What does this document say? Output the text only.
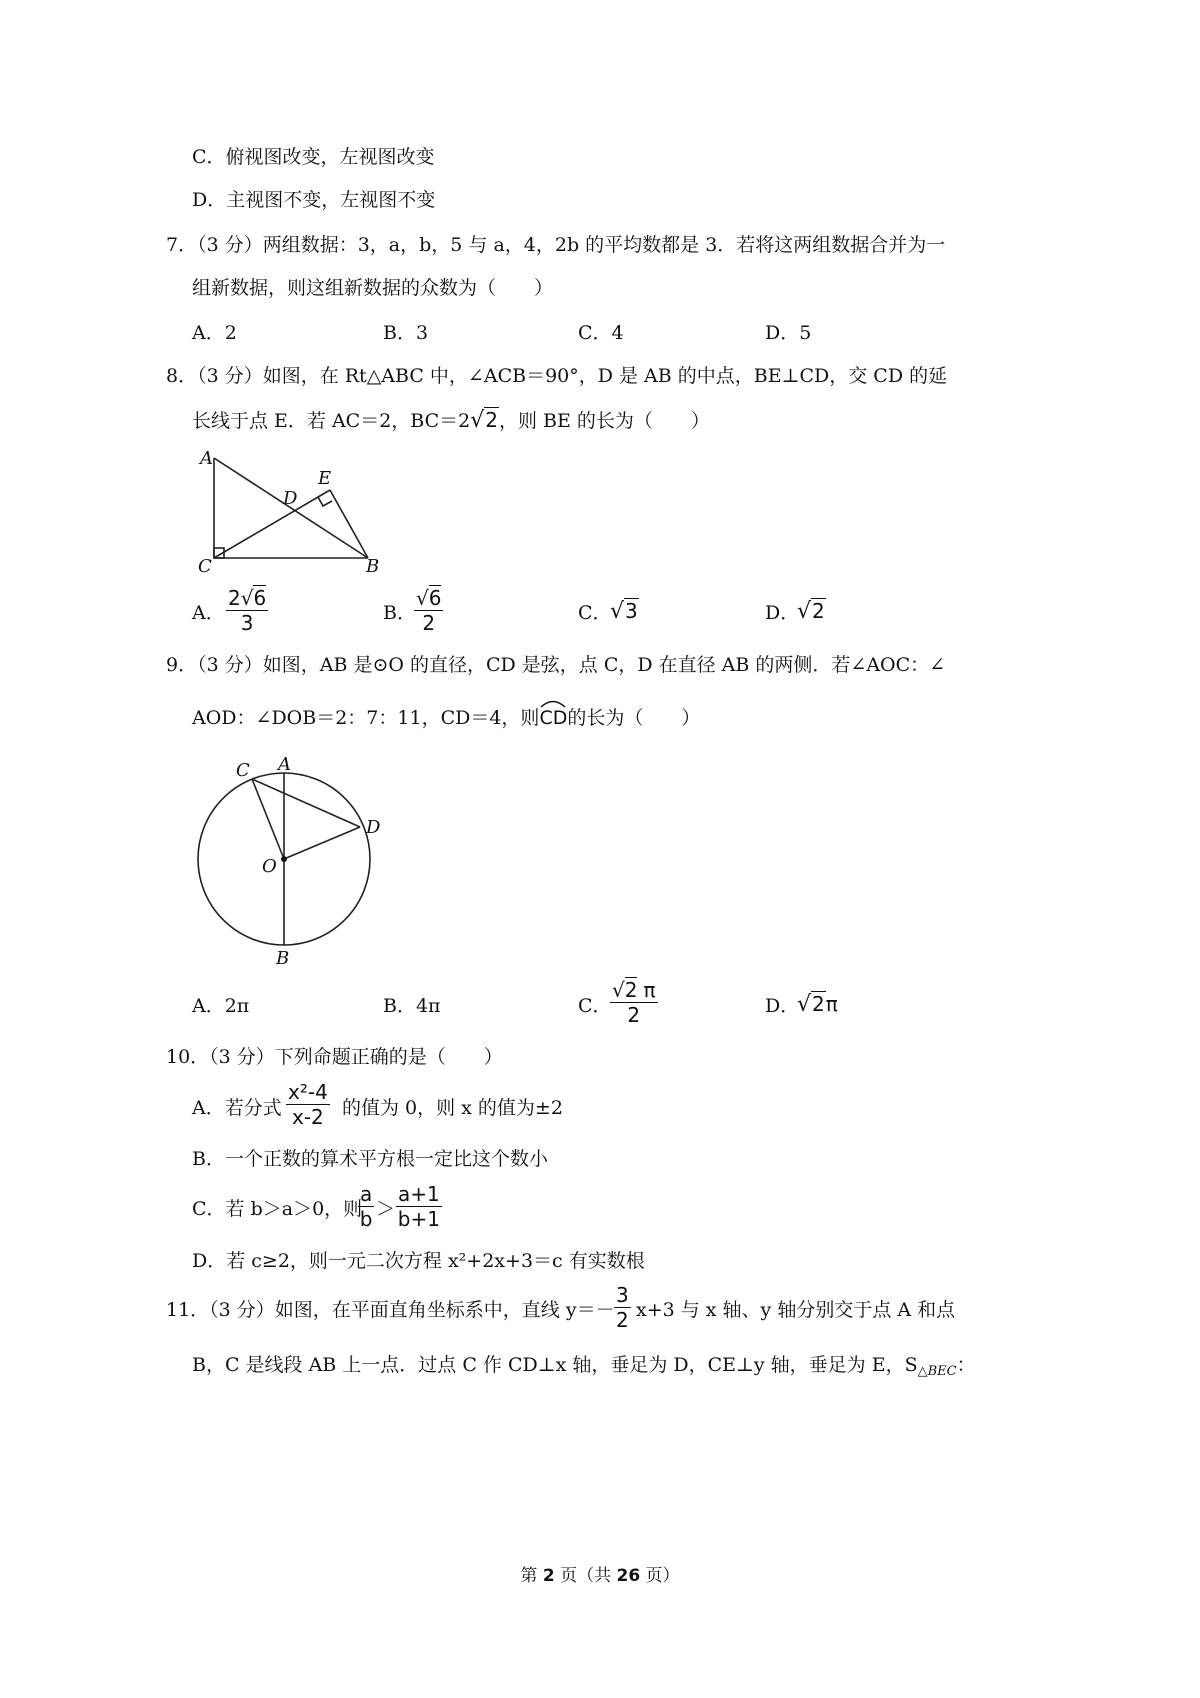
C．俯视图改变，左视图改变
D．主视图不变，左视图不变
7．（3 分）两组数据：3，a，b，5 与 a，4，2b 的平均数都是 3．若将这两组数据合并为一
组新数据，则这组新数据的众数为（　　）
A．2	B．3	C．4	D．5
8．（3 分）如图，在 Rt△ABC 中，∠ACB＝90°，D 是 AB 的中点，BE⊥CD，交 CD 的延
长线于点 E．若 AC＝2，BC＝2√2，则 BE 的长为（　　）
A
C	B
D
E
A． $\frac{2√6}{3}$	B．
$\frac{√6}{2}$	C．
√3	D．
√2
9．（3 分）如图，AB 是⊙O 的直径，CD 是弦，点 C，D 在直径 AB 的两侧．若∠AOC：∠
AOD：∠DOB＝2：7：11，CD＝4，则
CD的长为（　　）
A
C
D
O
B
A．2π	B．4π	C．
$\frac{√2 \pi}{2}$	D．
√2π
10．（3 分）下列命题正确的是（　　）
A．若分式 $\frac{\text{x²-4}}{x-2}$ 的值为 0，则 x 的值为±2
B．一个正数的算术平方根一定比这个数小
C．若 b＞a＞0，则
$\frac{a}{b} > \frac{a+1}{b+1}$
D．若 c≥2，则一元二次方程 x²+2x+3＝c 有实数根
11．（3 分）如图，在平面直角坐标系中，直线 $y=- \frac{3}{2} x+3$ 与 x 轴、y 轴分别交于点 A 和点
B，C 是线段 AB 上一点．过点 C 作 CD⊥x 轴，垂足为 D，CE⊥y 轴，垂足为 E，$S_{\triangle BEC}$：
第 2 页（共 26 页）
